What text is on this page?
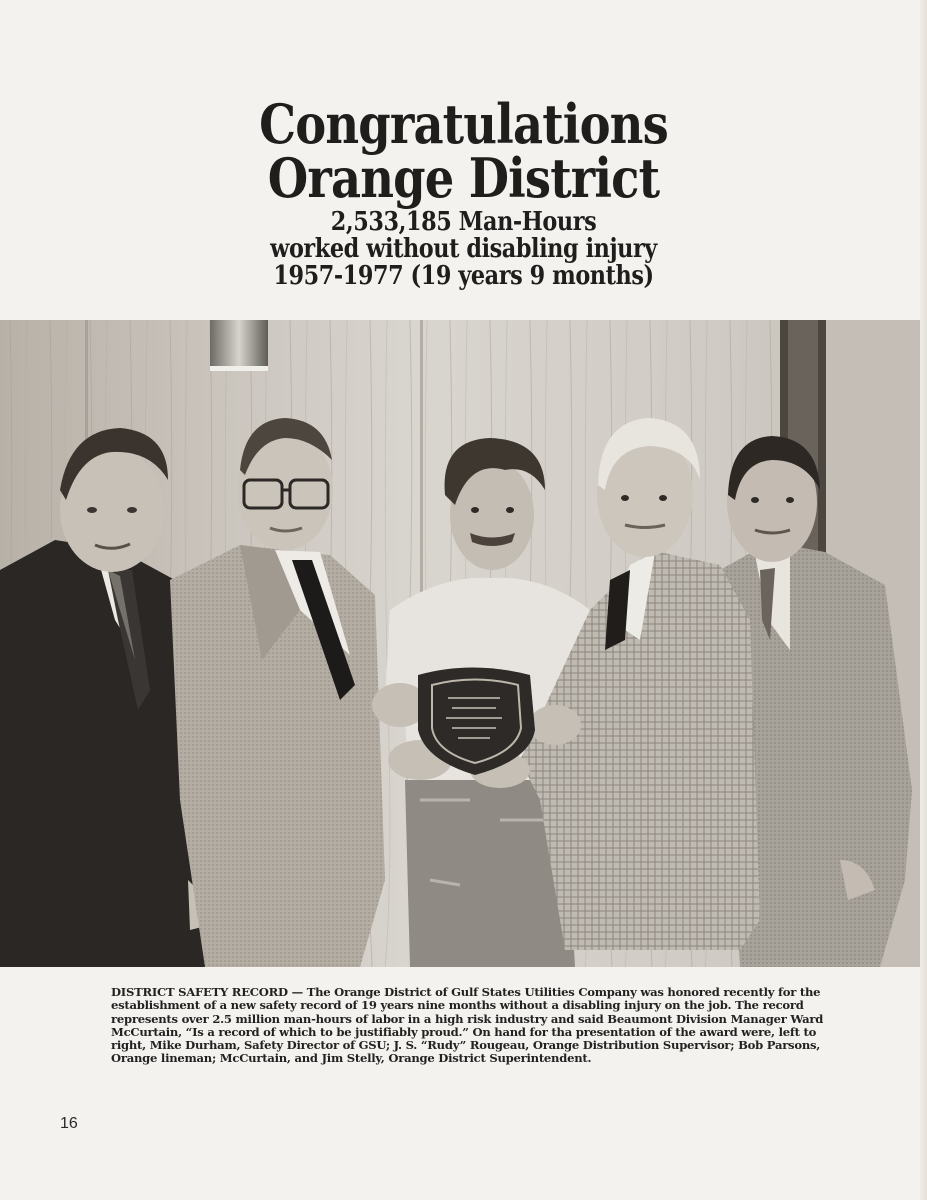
Congratulations
Orange District
2,533,185 Man-Hours
worked without disabling injury
1957-1977 (19 years 9 months)
DISTRICT SAFETY RECORD — The Orange District of Gulf States Utilities Company was honored recently for the establishment of a new safety record of 19 years nine months without a disabling injury on the job. The record represents over 2.5 million man-hours of labor in a high risk industry and said Beaumont Division Manager Ward McCurtain, “Is a record of which to be justifiably proud.” On hand for tha presentation of the award were, left to right, Mike Durham, Safety Director of GSU; J. S. “Rudy” Rougeau, Orange Distribution Supervisor; Bob Parsons, Orange lineman; McCurtain, and Jim Stelly, Orange District Superintendent.
16
